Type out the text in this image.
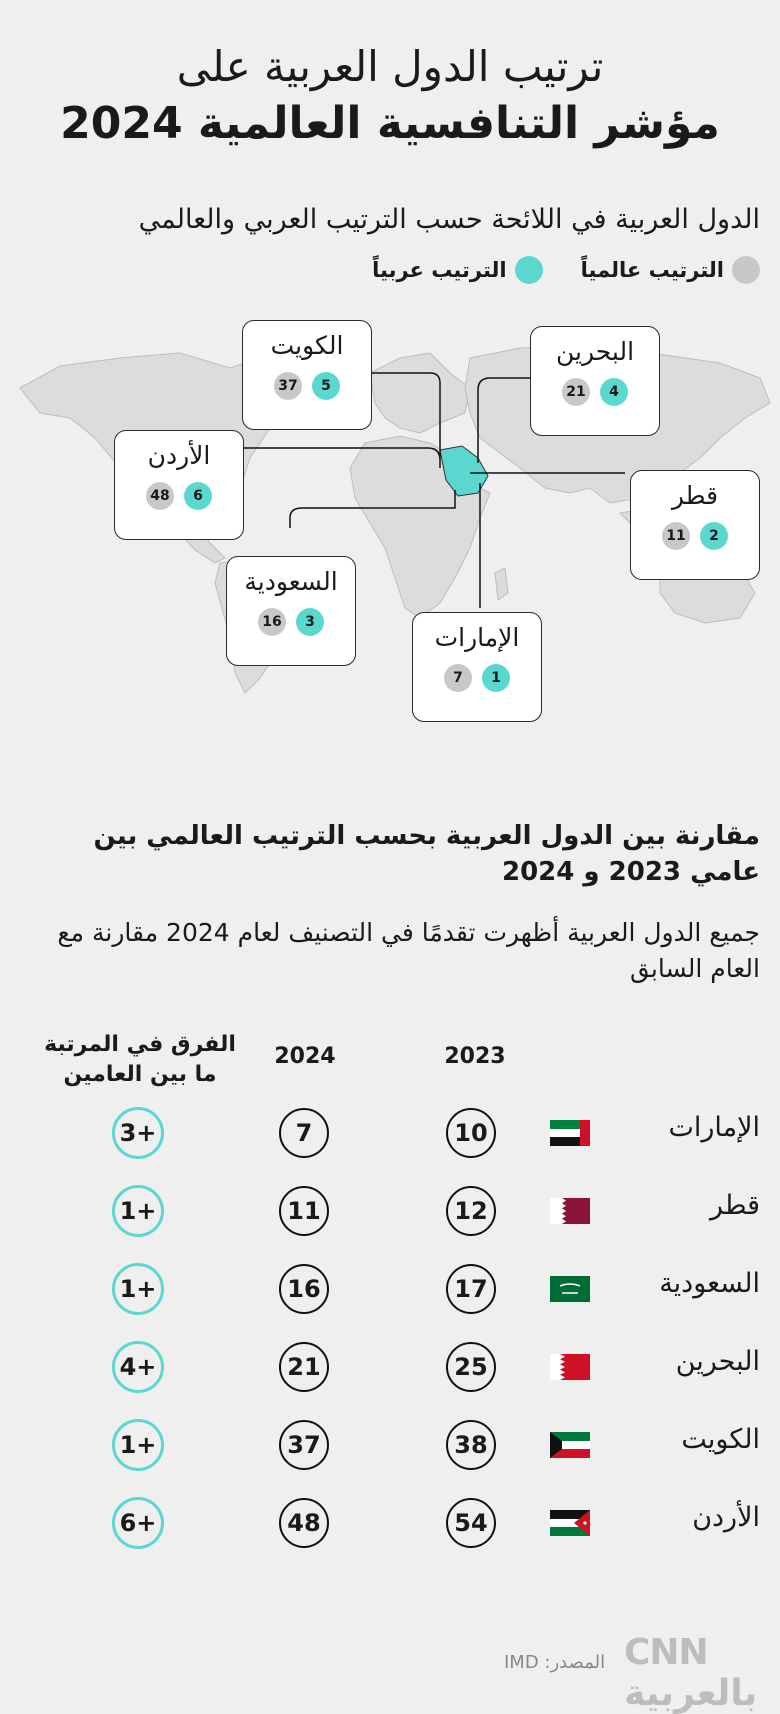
ترتيب الدول العربية على
مؤشر التنافسية العالمية 2024
الدول العربية في اللائحة حسب الترتيب العربي والعالمي
الترتيب عالمياً
الترتيب عربياً
الكويت
37	5
البحرين
21	4
الأردن
48	6	قطر
11	2
السعودية
16	3
الإمارات
7	1
مقارنة بين الدول العربية بحسب الترتيب العالمي بين عامي 2023 و 2024
جميع الدول العربية أظهرت تقدمًا في التصنيف لعام 2024 مقارنة مع العام السابق
2023
2024
الفرق في المرتبة
ما بين العامين
الإمارات
10
7
3+
قطر
12
11
1+
السعودية
17
16
1+
البحرين
25
21
4+
الكويت
38
37
1+
الأردن
54
48
6+
المصدر: IMD CNN بالعربية
